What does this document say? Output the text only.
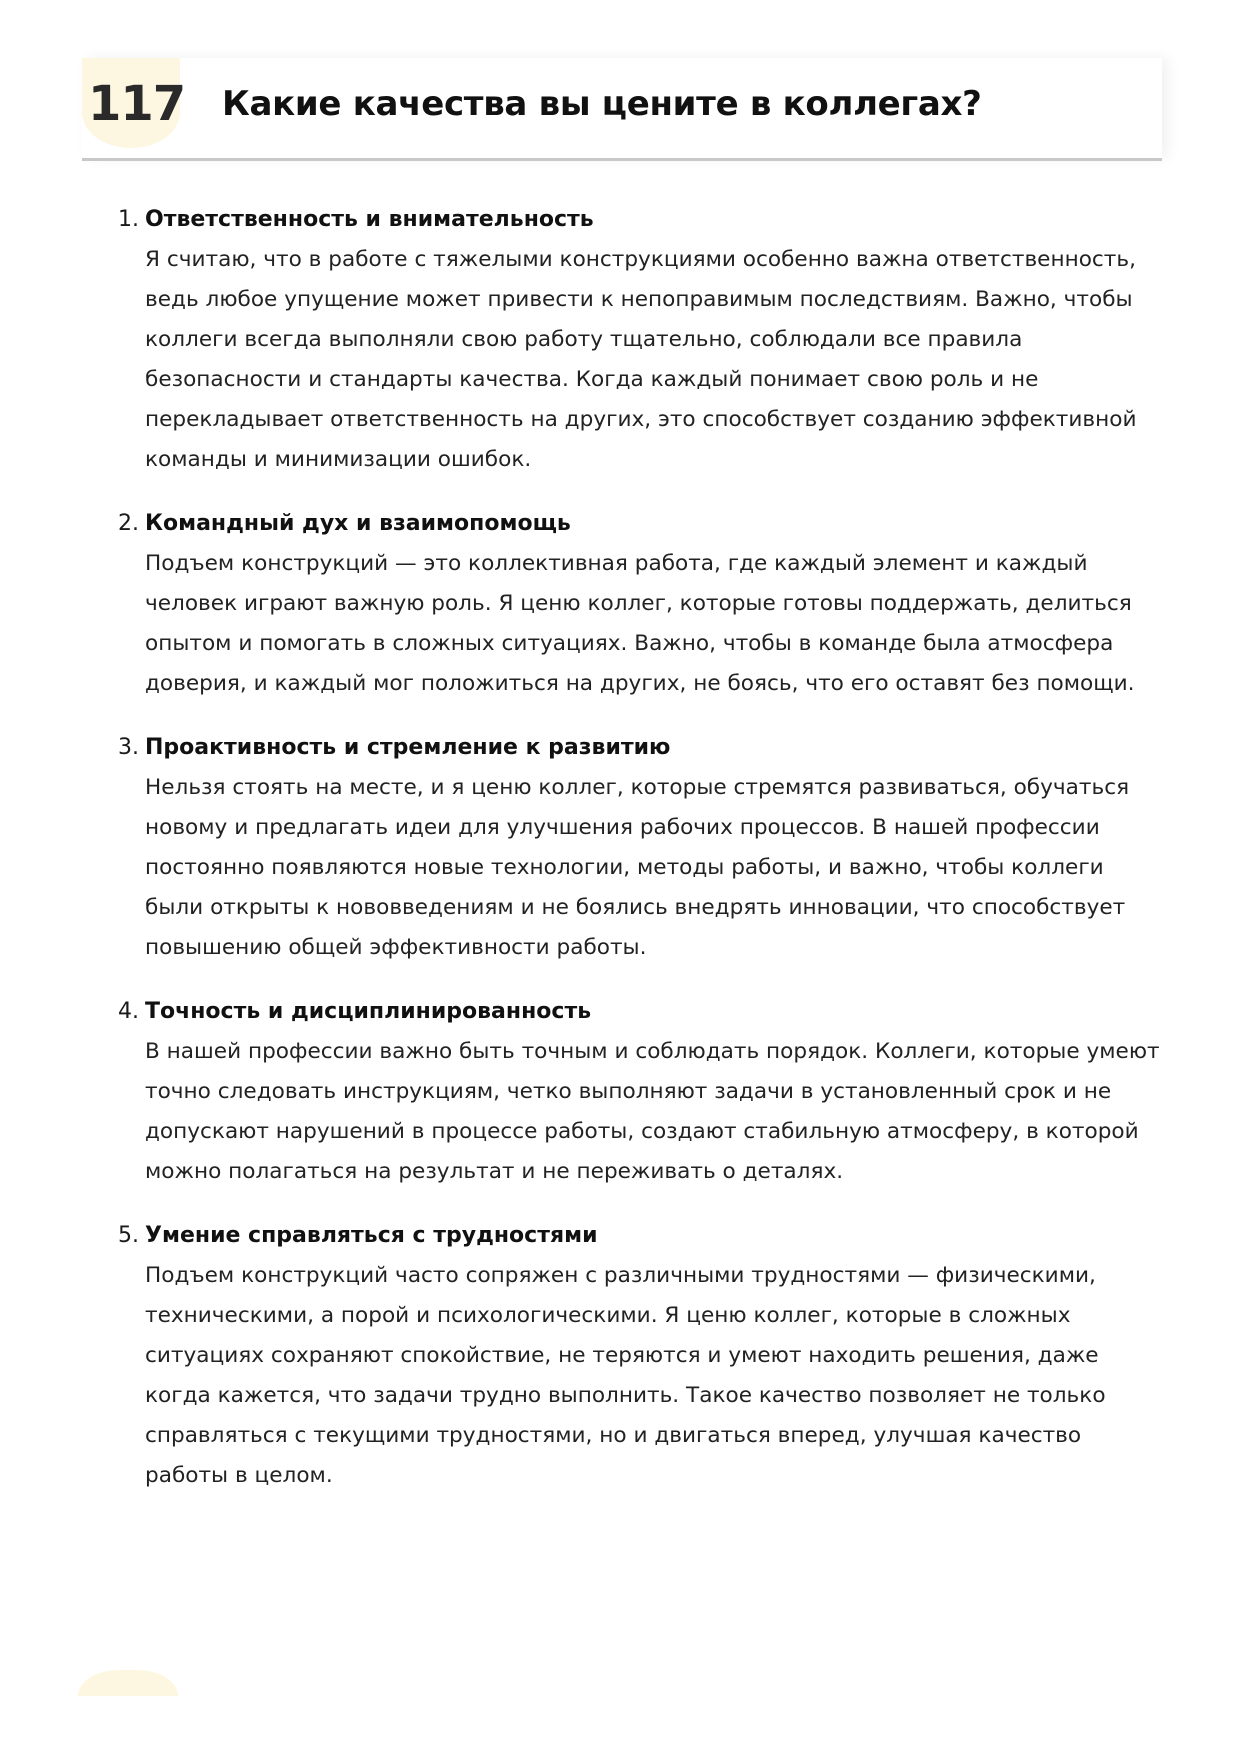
117 Какие качества вы цените в коллегах?
1. Ответственность и внимательность
Я считаю, что в работе с тяжелыми конструкциями особенно важна ответственность, ведь любое упущение может привести к непоправимым последствиям. Важно, чтобы коллеги всегда выполняли свою работу тщательно, соблюдали все правила безопасности и стандарты качества. Когда каждый понимает свою роль и не перекладывает ответственность на других, это способствует созданию эффективной команды и минимизации ошибок.
2. Командный дух и взаимопомощь
Подъем конструкций — это коллективная работа, где каждый элемент и каждый человек играют важную роль. Я ценю коллег, которые готовы поддержать, делиться опытом и помогать в сложных ситуациях. Важно, чтобы в команде была атмосфера доверия, и каждый мог положиться на других, не боясь, что его оставят без помощи.
3. Проактивность и стремление к развитию
Нельзя стоять на месте, и я ценю коллег, которые стремятся развиваться, обучаться новому и предлагать идеи для улучшения рабочих процессов. В нашей профессии постоянно появляются новые технологии, методы работы, и важно, чтобы коллеги были открыты к нововведениям и не боялись внедрять инновации, что способствует повышению общей эффективности работы.
4. Точность и дисциплинированность
В нашей профессии важно быть точным и соблюдать порядок. Коллеги, которые умеют точно следовать инструкциям, четко выполняют задачи в установленный срок и не допускают нарушений в процессе работы, создают стабильную атмосферу, в которой можно полагаться на результат и не переживать о деталях.
5. Умение справляться с трудностями
Подъем конструкций часто сопряжен с различными трудностями — физическими, техническими, а порой и психологическими. Я ценю коллег, которые в сложных ситуациях сохраняют спокойствие, не теряются и умеют находить решения, даже когда кажется, что задачи трудно выполнить. Такое качество позволяет не только справляться с текущими трудностями, но и двигаться вперед, улучшая качество работы в целом.
